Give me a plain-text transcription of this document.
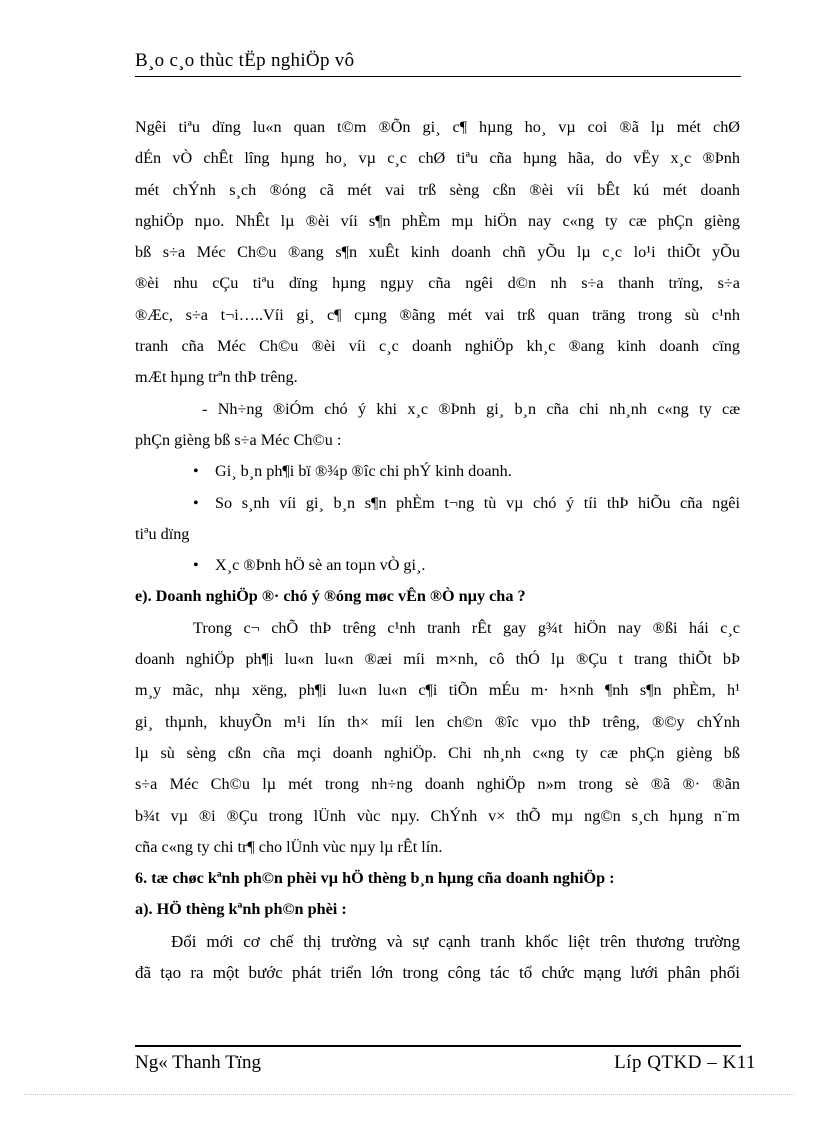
B¸o c¸o thùc tËp nghiÖp vô
Ngêi tiªu dïng lu«n quan t©m ®Õn gi¸ c¶ hµng ho¸ vµ coi ®ã lµ mét chØ
dÉn vÒ chÊt lîng hµng ho¸ vµ c¸c chØ tiªu cña hµng hãa, do vËy x¸c ®Þnh
mét chÝnh s¸ch ®óng cã mét vai trß sèng cßn ®èi víi bÊt kú mét doanh
nghiÖp nµo. NhÊt lµ ®èi víi s¶n phÈm mµ hiÖn nay c«ng ty cæ phÇn gièng
bß s÷a Méc Ch©u ®ang s¶n xuÊt kinh doanh chñ yÕu lµ c¸c lo¹i thiÕt yÕu
®èi nhu cÇu tiªu dïng hµng ngµy cña ngêi d©n nh s÷a thanh trïng, s÷a
®Æc, s÷a t¬i…..Víi gi¸ c¶ cµng ®ãng mét vai trß quan träng trong sù c¹nh
tranh cña Méc Ch©u ®èi víi c¸c doanh nghiÖp kh¸c ®ang kinh doanh cïng
mÆt hµng trªn thÞ trêng.
- Nh÷ng ®iÓm chó ý khi x¸c ®Þnh gi¸ b¸n cña chi nh¸nh c«ng ty cæ
phÇn gièng bß s÷a Méc Ch©u :
• Gi¸ b¸n ph¶i bï ®¾p ®îc chi phÝ kinh doanh.
• So s¸nh víi gi¸ b¸n s¶n phÈm t¬ng tù vµ chó ý tíi thÞ hiÕu cña ngêi
tiªu dïng
• X¸c ®Þnh hÖ sè an toµn vÒ gi¸.
e). Doanh nghiÖp ®· chó ý ®óng møc vÊn ®Ò nµy cha ?
Trong c¬ chÕ thÞ trêng c¹nh tranh rÊt gay g¾t hiÖn nay ®ßi hái c¸c
doanh nghiÖp ph¶i lu«n lu«n ®æi míi m×nh, cô thÓ lµ ®Çu t trang thiÕt bÞ
m¸y mãc, nhµ xëng, ph¶i lu«n lu«n c¶i tiÕn mÉu m· h×nh ¶nh s¶n phÈm, h¹
gi¸ thµnh, khuyÕn m¹i lín th× míi len ch©n ®îc vµo thÞ trêng, ®©y chÝnh
lµ sù sèng cßn cña mçi doanh nghiÖp. Chi nh¸nh c«ng ty cæ phÇn gièng bß
s÷a Méc Ch©u lµ mét trong nh÷ng doanh nghiÖp n»m trong sè ®ã ®· ®ãn
b¾t vµ ®i ®Çu trong lÜnh vùc nµy. ChÝnh v× thÕ mµ ng©n s¸ch hµng n¨m
cña c«ng ty chi tr¶ cho lÜnh vùc nµy lµ rÊt lín.
6. tæ chøc kªnh ph©n phèi vµ hÖ thèng b¸n hµng cña doanh nghiÖp :
a). HÖ thèng kªnh ph©n phèi :
Đổi mới cơ chế thị trường và sự cạnh tranh khốc liệt trên thương trường
đã tạo ra một bước phát triển lớn trong công tác tổ chức mạng lưới phân phối
Ng« Thanh Tïng	Líp QTKD – K11
